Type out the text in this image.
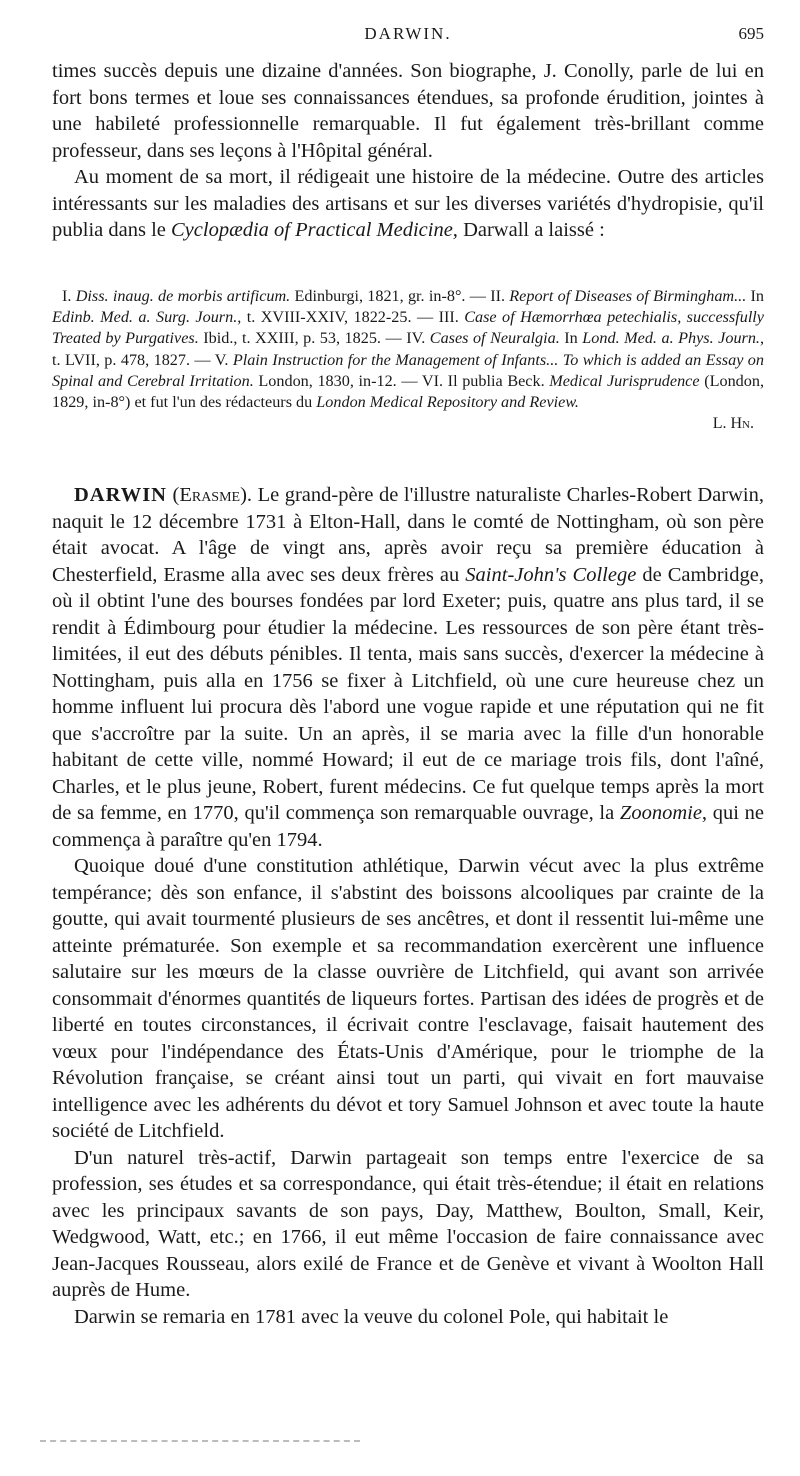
DARWIN.	695

times succès depuis une dizaine d'années. Son biographe, J. Conolly, parle de lui en fort bons termes et loue ses connaissances étendues, sa profonde érudition, jointes à une habileté professionnelle remarquable. Il fut également très-brillant comme professeur, dans ses leçons à l'Hôpital général.

Au moment de sa mort, il rédigeait une histoire de la médecine. Outre des articles intéressants sur les maladies des artisans et sur les diverses variétés d'hydropisie, qu'il publia dans le Cyclopædia of Practical Medicine, Darwall a laissé :

I. Diss. inaug. de morbis artificum. Edinburgi, 1821, gr. in-8°. — II. Report of Diseases of Birmingham... In Edinb. Med. a. Surg. Journ., t. XVIII-XXIV, 1822-25. — III. Case of Hæmorrhœa petechialis, successfully Treated by Purgatives. Ibid., t. XXIII, p. 53, 1825. — IV. Cases of Neuralgia. In Lond. Med. a. Phys. Journ., t. LVII, p. 478, 1827. — V. Plain Instruction for the Management of Infants... To which is added an Essay on Spinal and Cerebral Irritation. London, 1830, in-12. — VI. Il publia Beck. Medical Jurisprudence (London, 1829, in-8°) et fut l'un des rédacteurs du London Medical Repository and Review.

L. Hn.

DARWIN (Erasme). Le grand-père de l'illustre naturaliste Charles-Robert Darwin, naquit le 12 décembre 1731 à Elton-Hall, dans le comté de Nottingham, où son père était avocat. A l'âge de vingt ans, après avoir reçu sa première éducation à Chesterfield, Erasme alla avec ses deux frères au Saint-John's College de Cambridge, où il obtint l'une des bourses fondées par lord Exeter; puis, quatre ans plus tard, il se rendit à Édimbourg pour étudier la médecine. Les ressources de son père étant très-limitées, il eut des débuts pénibles. Il tenta, mais sans succès, d'exercer la médecine à Nottingham, puis alla en 1756 se fixer à Litchfield, où une cure heureuse chez un homme influent lui procura dès l'abord une vogue rapide et une réputation qui ne fit que s'accroître par la suite. Un an après, il se maria avec la fille d'un honorable habitant de cette ville, nommé Howard; il eut de ce mariage trois fils, dont l'aîné, Charles, et le plus jeune, Robert, furent médecins. Ce fut quelque temps après la mort de sa femme, en 1770, qu'il commença son remarquable ouvrage, la Zoonomie, qui ne commença à paraître qu'en 1794.

Quoique doué d'une constitution athlétique, Darwin vécut avec la plus extrême tempérance; dès son enfance, il s'abstint des boissons alcooliques par crainte de la goutte, qui avait tourmenté plusieurs de ses ancêtres, et dont il ressentit lui-même une atteinte prématurée. Son exemple et sa recommandation exercèrent une influence salutaire sur les mœurs de la classe ouvrière de Litchfield, qui avant son arrivée consommait d'énormes quantités de liqueurs fortes. Partisan des idées de progrès et de liberté en toutes circonstances, il écrivait contre l'esclavage, faisait hautement des vœux pour l'indépendance des États-Unis d'Amérique, pour le triomphe de la Révolution française, se créant ainsi tout un parti, qui vivait en fort mauvaise intelligence avec les adhérents du dévot et tory Samuel Johnson et avec toute la haute société de Litchfield.

D'un naturel très-actif, Darwin partageait son temps entre l'exercice de sa profession, ses études et sa correspondance, qui était très-étendue; il était en relations avec les principaux savants de son pays, Day, Matthew, Boulton, Small, Keir, Wedgwood, Watt, etc.; en 1766, il eut même l'occasion de faire connaissance avec Jean-Jacques Rousseau, alors exilé de France et de Genève et vivant à Woolton Hall auprès de Hume.

Darwin se remaria en 1781 avec la veuve du colonel Pole, qui habitait le
